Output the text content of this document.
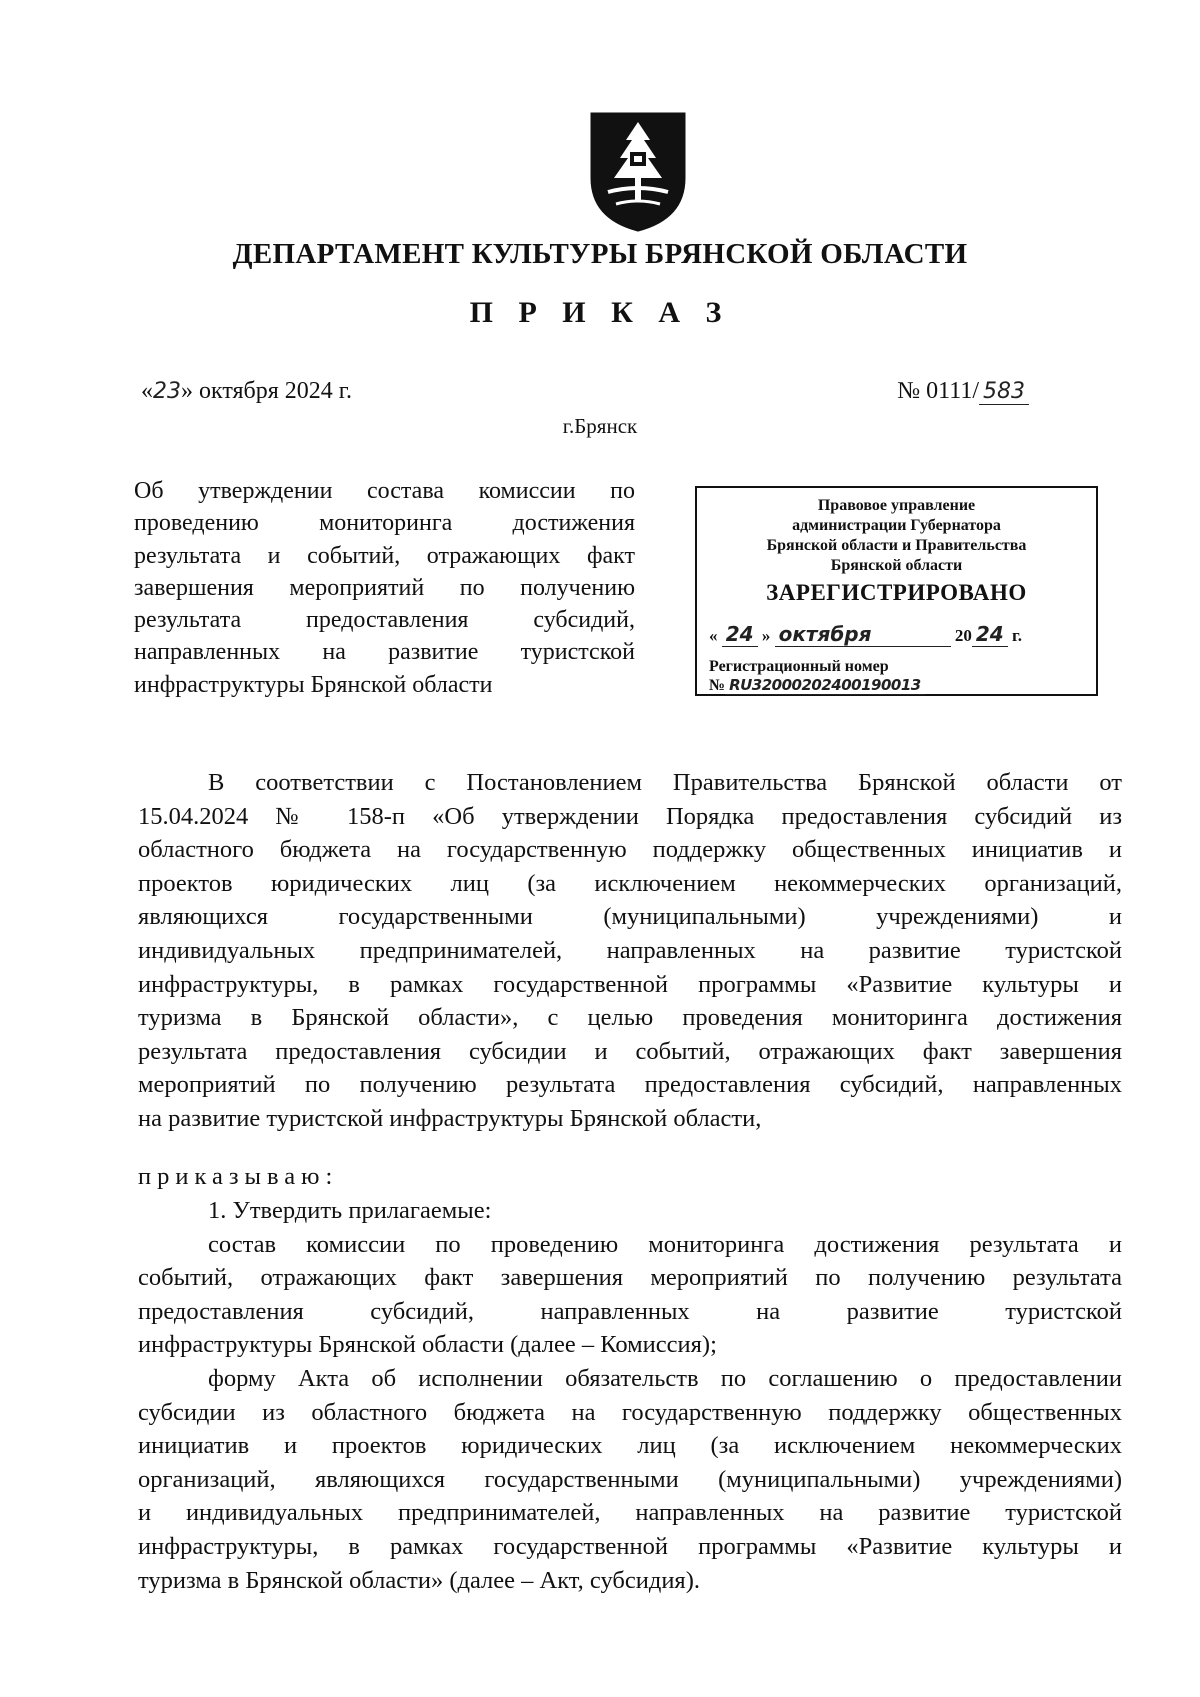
ДЕПАРТАМЕНТ КУЛЬТУРЫ БРЯНСКОЙ ОБЛАСТИ
П Р И К А З
«23» октября 2024 г.	№ 0111/ 583
г.Брянск
Об утверждении состава комиссии по
проведению мониторинга достижения
результата и событий, отражающих факт
завершения мероприятий по получению
результата предоставления субсидий,
направленных на развитие туристской
инфраструктуры Брянской области
Правовое управление
администрации Губернатора
Брянской области и Правительства
Брянской области
ЗАРЕГИСТРИРОВАНО
« 24 » октября	20 24 г.
Регистрационный номер № RU32000202400190013
В соответствии с Постановлением Правительства Брянской области от
15.04.2024 № 158-п «Об утверждении Порядка предоставления субсидий из
областного бюджета на государственную поддержку общественных инициатив и
проектов юридических лиц (за исключением некоммерческих организаций,
являющихся государственными (муниципальными) учреждениями) и
индивидуальных предпринимателей, направленных на развитие туристской
инфраструктуры, в рамках государственной программы «Развитие культуры и
туризма в Брянской области», с целью проведения мониторинга достижения
результата предоставления субсидии и событий, отражающих факт завершения
мероприятий по получению результата предоставления субсидий, направленных
на развитие туристской инфраструктуры Брянской области,
приказываю:
1. Утвердить прилагаемые:
состав комиссии по проведению мониторинга достижения результата и
событий, отражающих факт завершения мероприятий по получению результата
предоставления субсидий, направленных на развитие туристской
инфраструктуры Брянской области (далее – Комиссия);
форму Акта об исполнении обязательств по соглашению о предоставлении
субсидии из областного бюджета на государственную поддержку общественных
инициатив и проектов юридических лиц (за исключением некоммерческих
организаций, являющихся государственными (муниципальными) учреждениями)
и индивидуальных предпринимателей, направленных на развитие туристской
инфраструктуры, в рамках государственной программы «Развитие культуры и
туризма в Брянской области» (далее – Акт, субсидия).
